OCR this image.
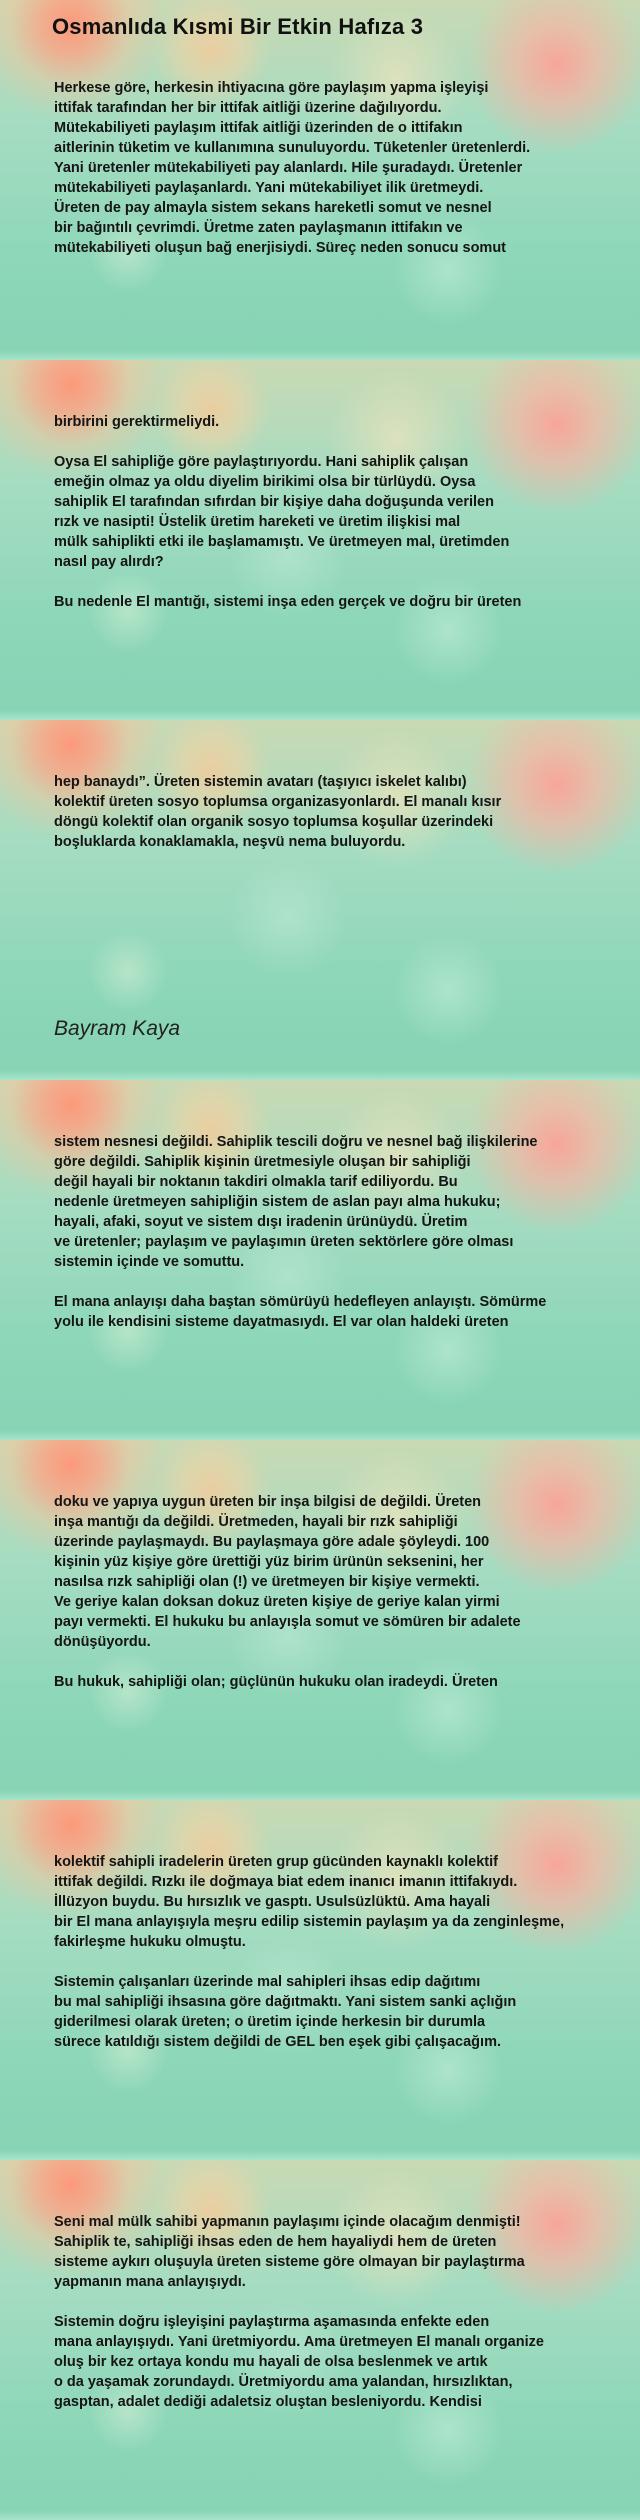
Osmanlıda Kısmi Bir Etkin Hafıza 3

Herkese göre, herkesin ihtiyacına göre paylaşım yapma işleyişi
ittifak tarafından her bir ittifak aitliği üzerine dağılıyordu.
Mütekabiliyeti paylaşım ittifak aitliği üzerinden de o ittifakın
aitlerinin tüketim ve kullanımına sunuluyordu. Tüketenler üretenlerdi.
Yani üretenler mütekabiliyeti pay alanlardı. Hile şuradaydı. Üretenler
mütekabiliyeti paylaşanlardı. Yani mütekabiliyet ilik üretmeydi.
Üreten de pay almayla sistem sekans hareketli somut ve nesnel
bir bağıntılı çevrimdi. Üretme zaten paylaşmanın ittifakın ve
mütekabiliyeti oluşun bağ enerjisiydi. Süreç neden sonucu somut

birbirini gerektirmeliydi.

Oysa El sahipliğe göre paylaştırıyordu. Hani sahiplik çalışan
emeğin olmaz ya oldu diyelim birikimi olsa bir türlüydü. Oysa
sahiplik El tarafından sıfırdan bir kişiye daha doğuşunda verilen
rızk ve nasipti! Üstelik üretim hareketi ve üretim ilişkisi mal
mülk sahiplikti etki ile başlamamıştı. Ve üretmeyen mal, üretimden
nasıl pay alırdı?

Bu nedenle El mantığı, sistemi inşa eden gerçek ve doğru bir üreten

hep banaydı”. Üreten sistemin avatarı (taşıyıcı iskelet kalıbı)
kolektif üreten sosyo toplumsa organizasyonlardı. El manalı kısır
döngü kolektif olan organik sosyo toplumsa koşullar üzerindeki
boşluklarda konaklamakla, neşvü nema buluyordu.

Bayram Kaya

sistem nesnesi değildi. Sahiplik tescili doğru ve nesnel bağ ilişkilerine
göre değildi. Sahiplik kişinin üretmesiyle oluşan bir sahipliği
değil hayali bir noktanın takdiri olmakla tarif ediliyordu. Bu
nedenle üretmeyen sahipliğin sistem de aslan payı alma hukuku;
hayali, afaki, soyut ve sistem dışı iradenin ürünüydü. Üretim
ve üretenler; paylaşım ve paylaşımın üreten sektörlere göre olması
sistemin içinde ve somuttu.

El mana anlayışı daha baştan sömürüyü hedefleyen anlayıştı. Sömürme
yolu ile kendisini sisteme dayatmasıydı. El var olan haldeki üreten

doku ve yapıya uygun üreten bir inşa bilgisi de değildi. Üreten
inşa mantığı da değildi. Üretmeden, hayali bir rızk sahipliği
üzerinde paylaşmaydı. Bu paylaşmaya göre adale şöyleydi. 100
kişinin yüz kişiye göre ürettiği yüz birim ürünün seksenini, her
nasılsa rızk sahipliği olan (!) ve üretmeyen bir kişiye vermekti.
Ve geriye kalan doksan dokuz üreten kişiye de geriye kalan yirmi
payı vermekti. El hukuku bu anlayışla somut ve sömüren bir adalete
dönüşüyordu.

Bu hukuk, sahipliği olan; güçlünün hukuku olan iradeydi. Üreten

kolektif sahipli iradelerin üreten grup gücünden kaynaklı kolektif
ittifak değildi. Rızkı ile doğmaya biat edem inanıcı imanın ittifakıydı.
İllüzyon buydu. Bu hırsızlık ve gasptı. Usulsüzlüktü. Ama hayali
bir El mana anlayışıyla meşru edilip sistemin paylaşım ya da zenginleşme,
fakirleşme hukuku olmuştu.

Sistemin çalışanları üzerinde mal sahipleri ihsas edip dağıtımı
bu mal sahipliği ihsasına göre dağıtmaktı. Yani sistem sanki açlığın
giderilmesi olarak üreten; o üretim içinde herkesin bir durumla
sürece katıldığı sistem değildi de GEL ben eşek gibi çalışacağım.

Seni mal mülk sahibi yapmanın paylaşımı içinde olacağım denmişti!
Sahiplik te, sahipliği ihsas eden de hem hayaliydi hem de üreten
sisteme aykırı oluşuyla üreten sisteme göre olmayan bir paylaştırma
yapmanın mana anlayışıydı.

Sistemin doğru işleyişini paylaştırma aşamasında enfekte eden
mana anlayışıydı. Yani üretmiyordu. Ama üretmeyen El manalı organize
oluş bir kez ortaya kondu mu hayali de olsa beslenmek ve artık
o da yaşamak zorundaydı. Üretmiyordu ama yalandan, hırsızlıktan,
gasptan, adalet dediği adaletsiz oluştan besleniyordu. Kendisi
